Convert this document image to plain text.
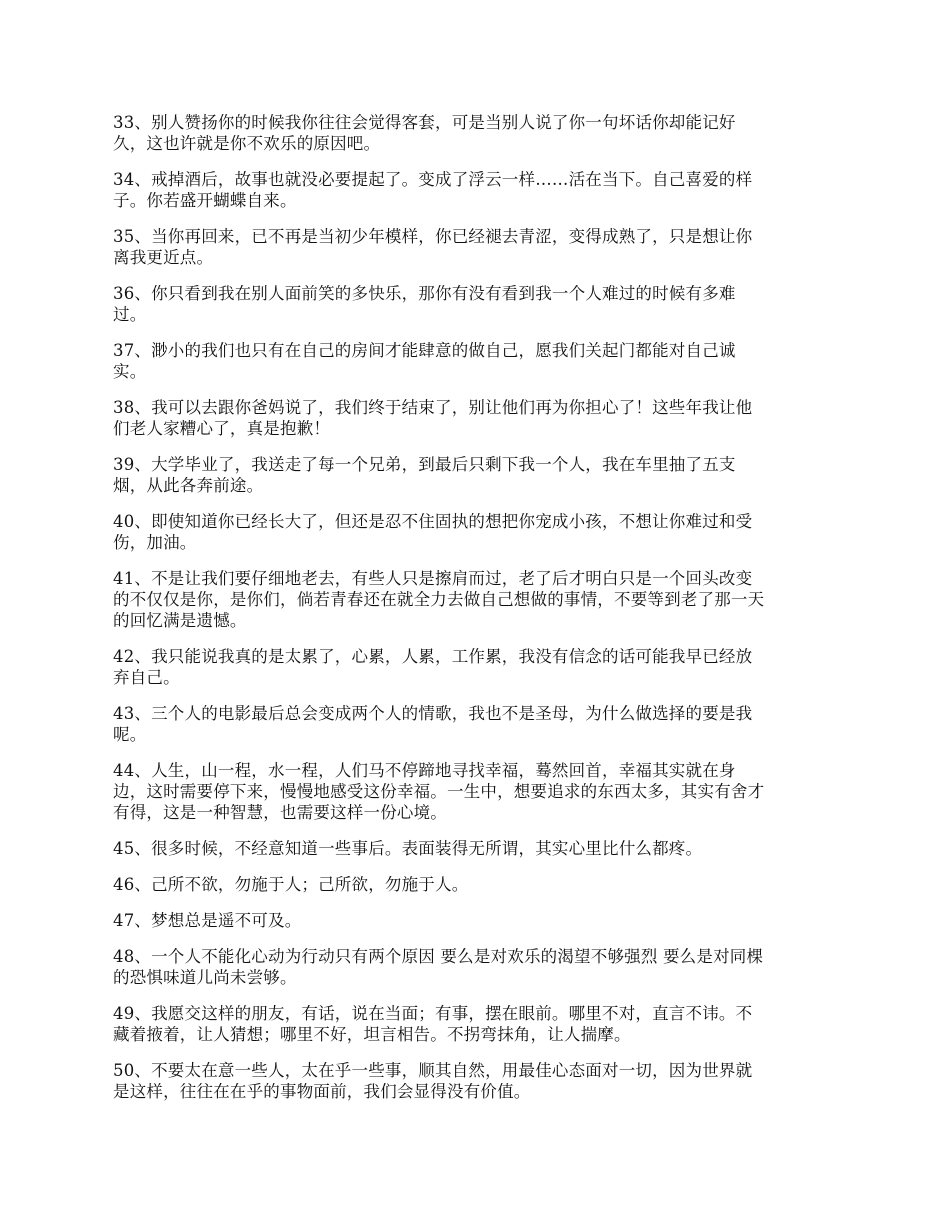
33、别人赞扬你的时候我你往往会觉得客套，可是当别人说了你一句坏话你却能记好
久，这也许就是你不欢乐的原因吧。

34、戒掉酒后，故事也就没必要提起了。变成了浮云一样……活在当下。自己喜爱的样
子。你若盛开蝴蝶自来。

35、当你再回来，已不再是当初少年模样，你已经褪去青涩，变得成熟了，只是想让你
离我更近点。

36、你只看到我在别人面前笑的多快乐，那你有没有看到我一个人难过的时候有多难
过。

37、渺小的我们也只有在自己的房间才能肆意的做自己，愿我们关起门都能对自己诚
实。

38、我可以去跟你爸妈说了，我们终于结束了，别让他们再为你担心了！这些年我让他
们老人家糟心了，真是抱歉！

39、大学毕业了，我送走了每一个兄弟，到最后只剩下我一个人，我在车里抽了五支
烟，从此各奔前途。

40、即使知道你已经长大了，但还是忍不住固执的想把你宠成小孩，不想让你难过和受
伤，加油。

41、不是让我们要仔细地老去，有些人只是擦肩而过，老了后才明白只是一个回头改变
的不仅仅是你，是你们，倘若青春还在就全力去做自己想做的事情，不要等到老了那一天
的回忆满是遗憾。

42、我只能说我真的是太累了，心累，人累，工作累，我没有信念的话可能我早已经放
弃自己。

43、三个人的电影最后总会变成两个人的情歌，我也不是圣母，为什么做选择的要是我
呢。

44、人生，山一程，水一程，人们马不停蹄地寻找幸福，蓦然回首，幸福其实就在身
边，这时需要停下来，慢慢地感受这份幸福。一生中，想要追求的东西太多，其实有舍才
有得，这是一种智慧，也需要这样一份心境。

45、很多时候，不经意知道一些事后。表面装得无所谓，其实心里比什么都疼。

46、己所不欲，勿施于人；己所欲，勿施于人。

47、梦想总是遥不可及。

48、一个人不能化心动为行动只有两个原因 要么是对欢乐的渴望不够强烈 要么是对同棵
的恐惧味道儿尚未尝够。

49、我愿交这样的朋友，有话，说在当面；有事，摆在眼前。哪里不对，直言不讳。不
藏着掖着，让人猜想；哪里不好，坦言相告。不拐弯抹角，让人揣摩。

50、不要太在意一些人，太在乎一些事，顺其自然，用最佳心态面对一切，因为世界就
是这样，往往在在乎的事物面前，我们会显得没有价值。
